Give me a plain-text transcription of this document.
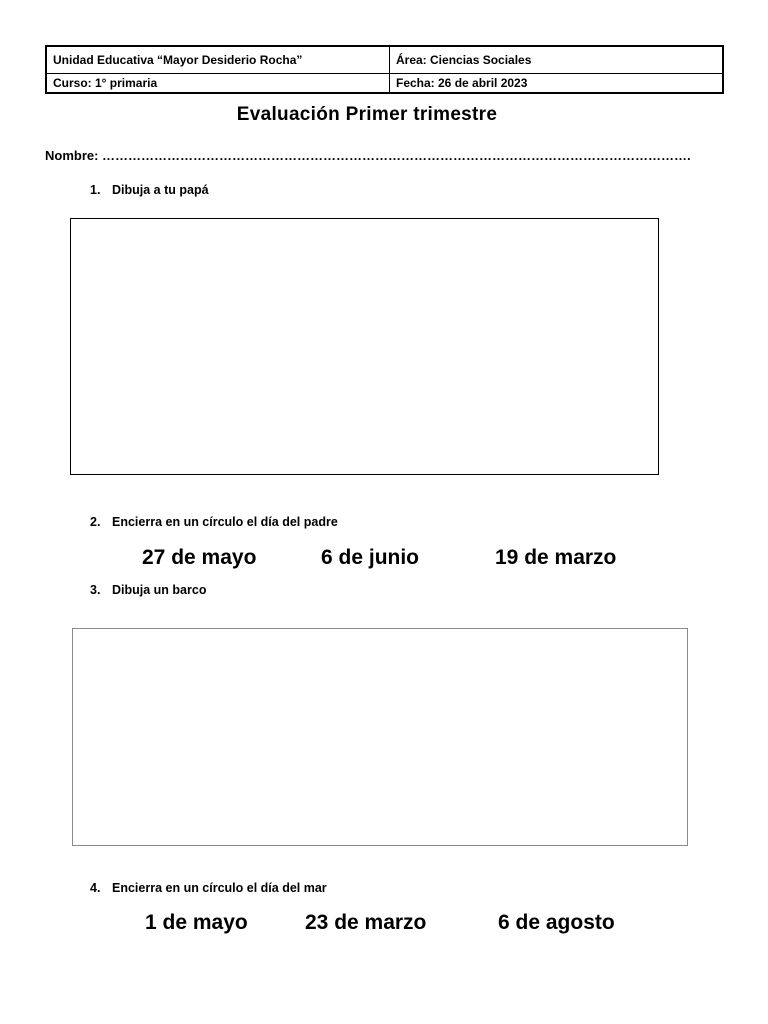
Unidad Educativa “Mayor Desiderio Rocha”	Área: Ciencias Sociales
Curso: 1° primaria	Fecha: 26 de abril 2023
Evaluación Primer trimestre
Nombre: ……………………………………………………………………………………………………………………….
1. Dibuja a tu papá
2. Encierra en un círculo el día del padre
27 de mayo	6 de junio	19 de marzo
3. Dibuja un barco
4. Encierra en un círculo el día del mar
1 de mayo	23 de marzo	6 de agosto
